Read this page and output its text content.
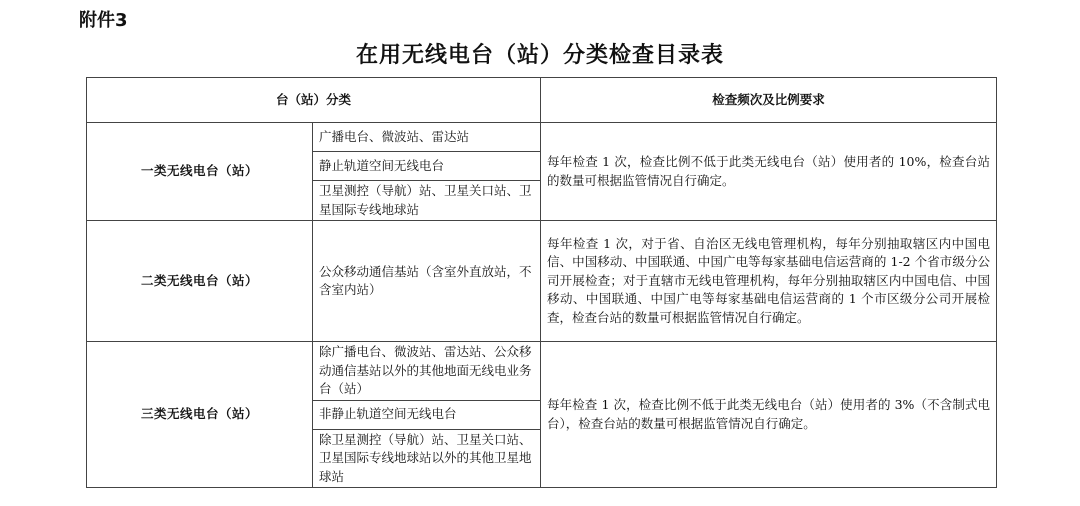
附件3
在用无线电台（站）分类检查目录表
台（站）分类		检查频次及比例要求
一类无线电台（站）	广播电台、微波站、雷达站	每年检查 1 次，检查比例不低于此类无线电台（站）使用者的 10%，检查台站的数量可根据监管情况自行确定。
	静止轨道空间无线电台	
	卫星测控（导航）站、卫星关口站、卫星国际专线地球站	
二类无线电台（站）	公众移动通信基站（含室外直放站，不含室内站）	每年检查 1 次，对于省、自治区无线电管理机构，每年分别抽取辖区内中国电信、中国移动、中国联通、中国广电等每家基础电信运营商的 1-2 个省市级分公司开展检查；对于直辖市无线电管理机构，每年分别抽取辖区内中国电信、中国移动、中国联通、中国广电等每家基础电信运营商的 1 个市区级分公司开展检查，检查台站的数量可根据监管情况自行确定。
三类无线电台（站）	除广播电台、微波站、雷达站、公众移动通信基站以外的其他地面无线电业务台（站）	每年检查 1 次，检查比例不低于此类无线电台（站）使用者的 3%（不含制式电台），检查台站的数量可根据监管情况自行确定。
	非静止轨道空间无线电台	
	除卫星测控（导航）站、卫星关口站、卫星国际专线地球站以外的其他卫星地球站	
